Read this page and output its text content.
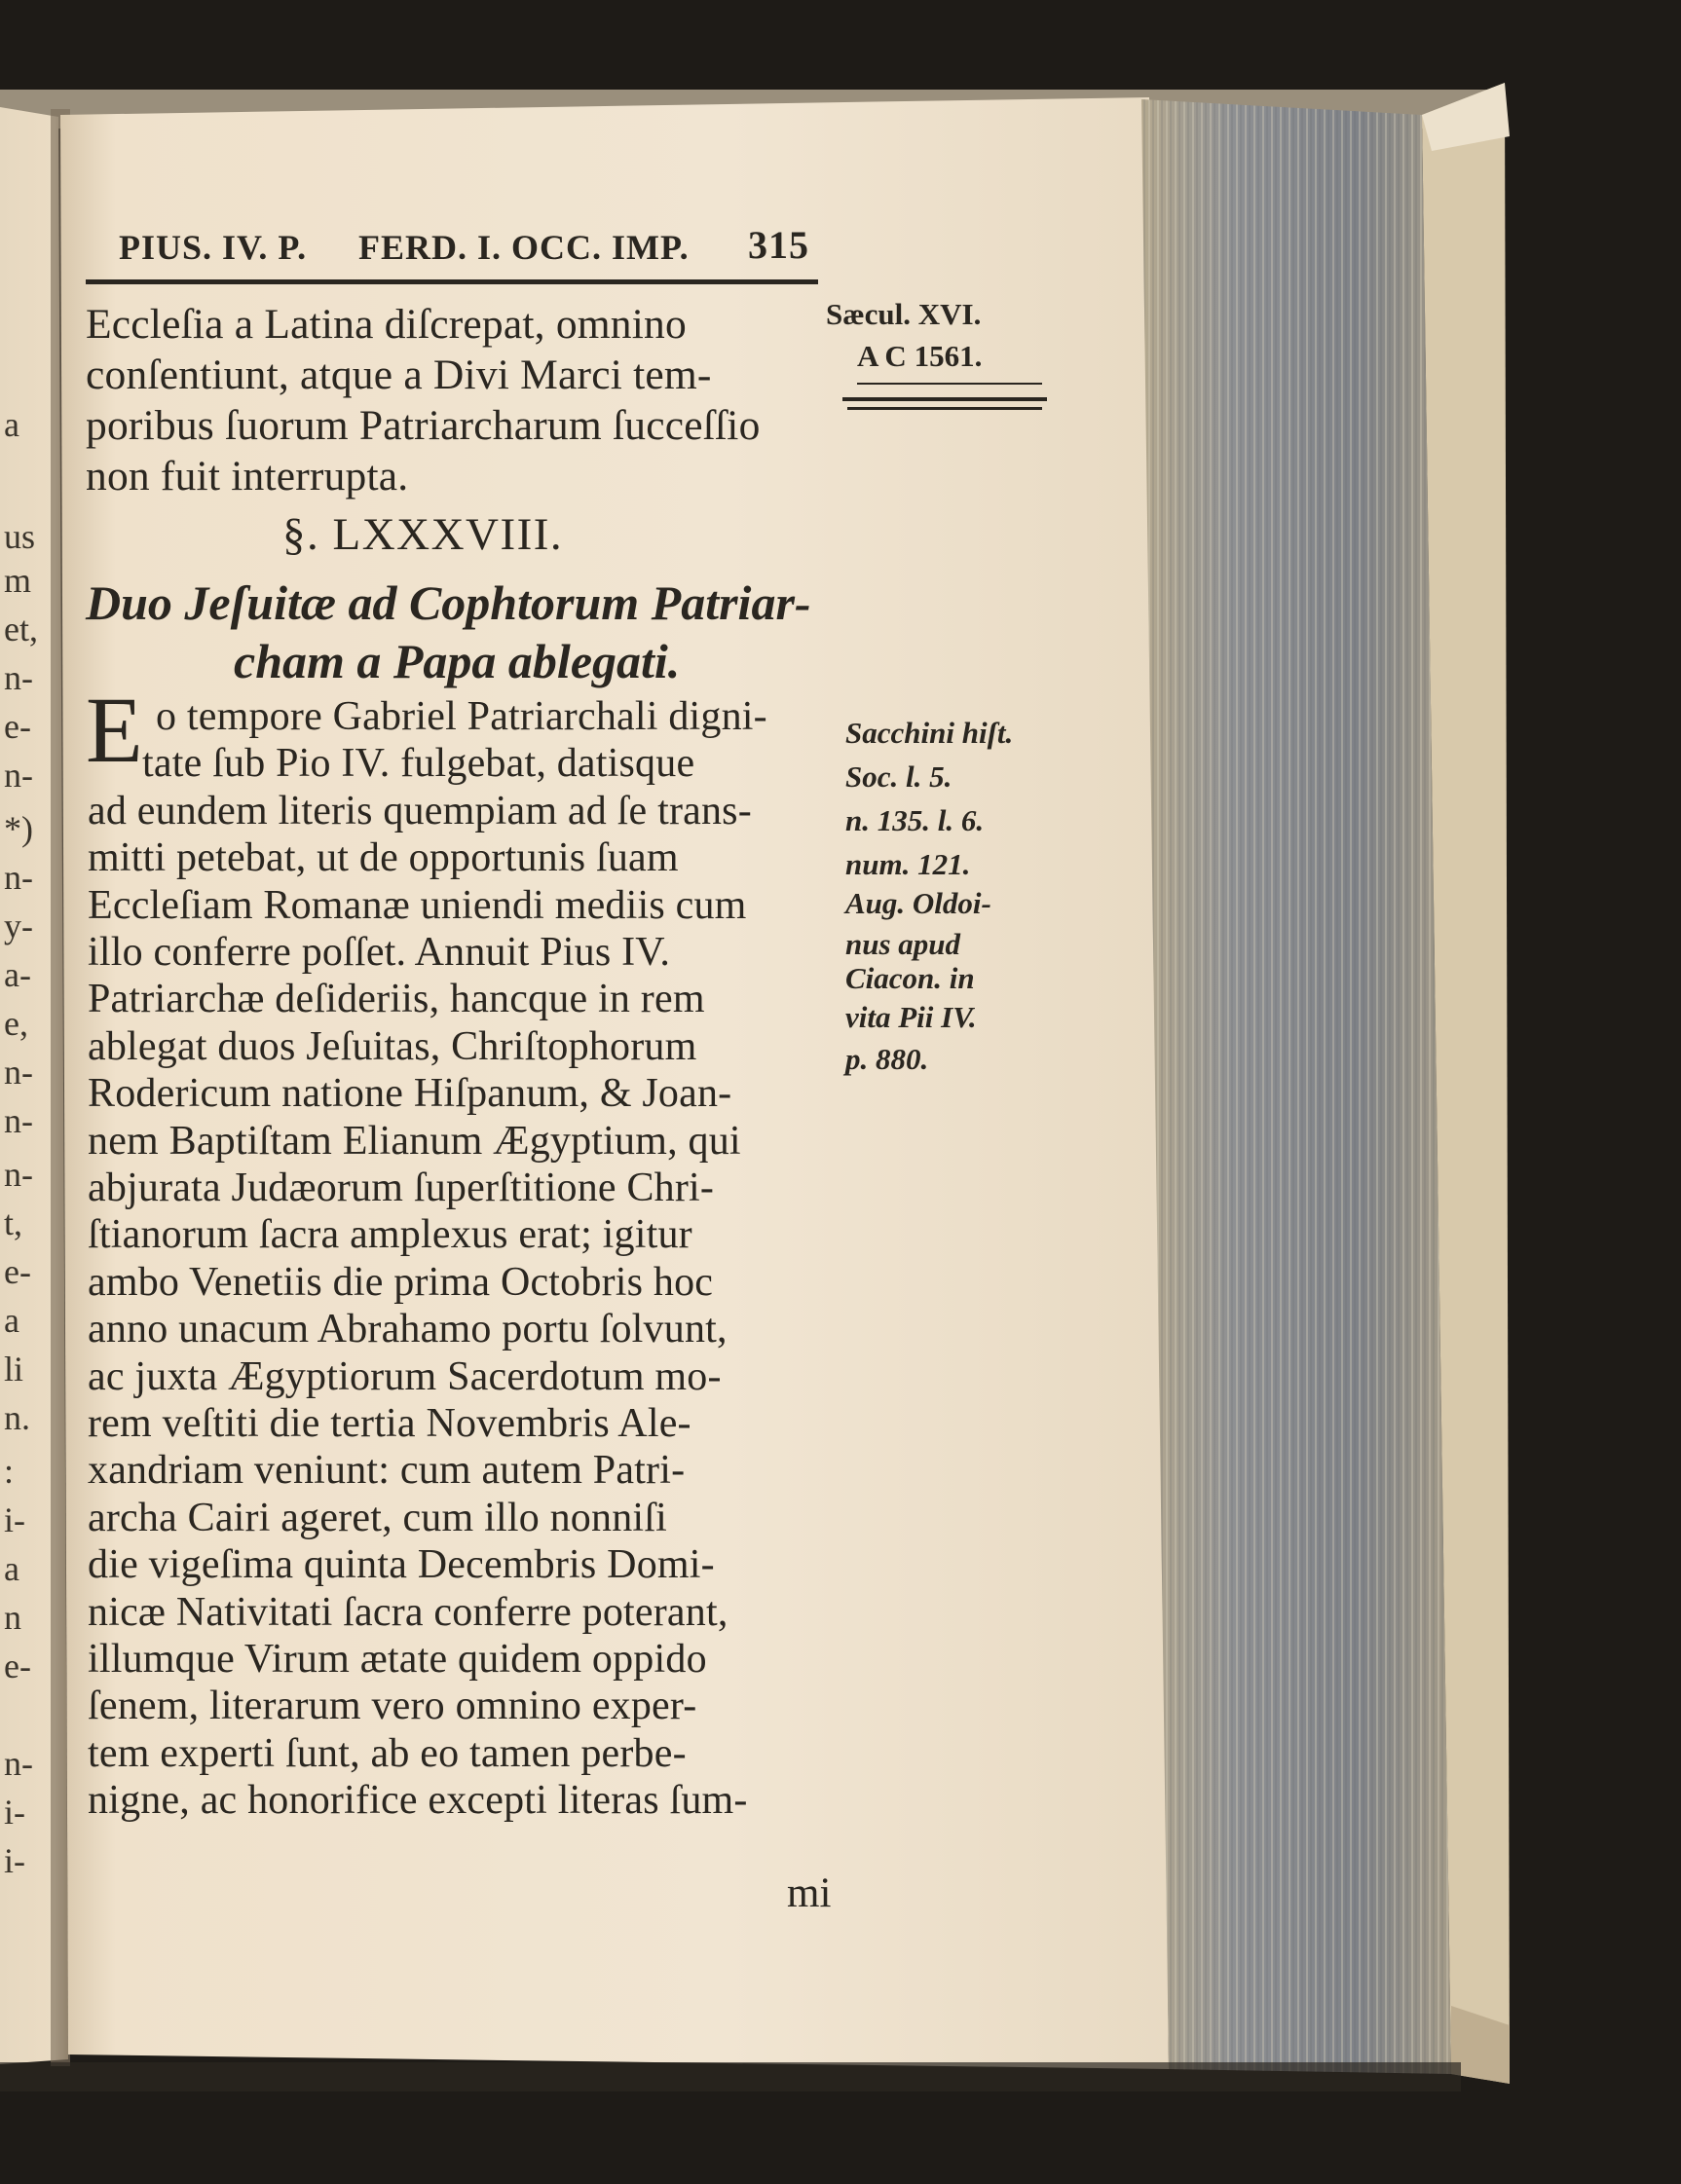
a
us
m
et,
n-
e-
n-
*)
n-
y-
a-
e,
n-
n-
n-
t,
e-
a
li
n.
:
i-
a
n
e-
n-
i-
i-
PIUS. IV. P. FERD. I. OCC. IMP. 315
Sæcul. XVI.
A C 1561.
Eccleſia a Latina diſcrepat, omnino
conſentiunt, atque a Divi Marci tem-
poribus ſuorum Patriarcharum ſucceſſio
non fuit interrupta.
§. LXXXVIII.
Duo Jeſuitæ ad Cophtorum Patriar-
cham a Papa ablegati.
E o tempore Gabriel Patriarchali digni-
tate ſub Pio IV. fulgebat, datisque
ad eundem literis quempiam ad ſe trans-
mitti petebat, ut de opportunis ſuam
Eccleſiam Romanæ uniendi mediis cum
illo conferre poſſet. Annuit Pius IV.
Patriarchæ deſideriis, hancque in rem
ablegat duos Jeſuitas, Chriſtophorum
Rodericum natione Hiſpanum, & Joan-
nem Baptiſtam Elianum Ægyptium, qui
abjurata Judæorum ſuperſtitione Chri-
ſtianorum ſacra amplexus erat; igitur
ambo Venetiis die prima Octobris hoc
anno unacum Abrahamo portu ſolvunt,
ac juxta Ægyptiorum Sacerdotum mo-
rem veſtiti die tertia Novembris Ale-
xandriam veniunt: cum autem Patri-
archa Cairi ageret, cum illo nonniſi
die vigeſima quinta Decembris Domi-
nicæ Nativitati ſacra conferre poterant,
illumque Virum ætate quidem oppido
ſenem, literarum vero omnino exper-
tem experti ſunt, ab eo tamen perbe-
nigne, ac honorifice excepti literas ſum-
mi
Sacchini hiſt.
Soc. l. 5.
n. 135. l. 6.
num. 121.
Aug. Oldoi-
nus apud
Ciacon. in
vita Pii IV.
p. 880.
